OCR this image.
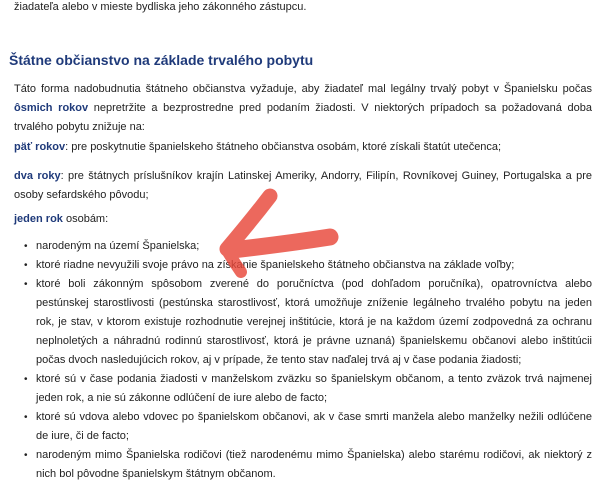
žiadateľa alebo v mieste bydliska jeho zákonného zástupcu.
Štátne občianstvo na základe trvalého pobytu
Táto forma nadobudnutia štátneho občianstva vyžaduje, aby žiadateľ mal legálny trvalý pobyt v Španielsku počas ôsmich rokov nepretržite a bezprostredne pred podaním žiadosti. V niektorých prípadoch sa požadovaná doba trvalého pobytu znižuje na:
päť rokov: pre poskytnutie španielskeho štátneho občianstva osobám, ktoré získali štatút utečenca;
dva roky: pre štátnych príslušníkov krajín Latinskej Ameriky, Andorry, Filipín, Rovníkovej Guiney, Portugalska a pre osoby sefardského pôvodu;
jeden rok osobám:
• narodeným na území Španielska;
• ktoré riadne nevyužili svoje právo na získanie španielskeho štátneho občianstva na základe voľby;
• ktoré boli zákonným spôsobom zverené do poručníctva (pod dohľadom poručníka), opatrovníctva alebo pestúnskej starostlivosti (pestúnska starostlivosť, ktorá umožňuje zníženie legálneho trvalého pobytu na jeden rok, je stav, v ktorom existuje rozhodnutie verejnej inštitúcie, ktorá je na každom území zodpovedná za ochranu neplnoletých a náhradnú rodinnú starostlivosť, ktorá je právne uznaná) španielskemu občanovi alebo inštitúcii počas dvoch nasledujúcich rokov, aj v prípade, že tento stav naďalej trvá aj v čase podania žiadosti;
• ktoré sú v čase podania žiadosti v manželskom zväzku so španielskym občanom, a tento zväzok trvá najmenej jeden rok, a nie sú zákonne odlúčení de iure alebo de facto;
• ktoré sú vdova alebo vdovec po španielskom občanovi, ak v čase smrti manžela alebo manželky nežili odlúčene de iure, či de facto;
• narodeným mimo Španielska rodičovi (tiež narodenému mimo Španielska) alebo starému rodičovi, ak niektorý z nich bol pôvodne španielskym štátnym občanom.
